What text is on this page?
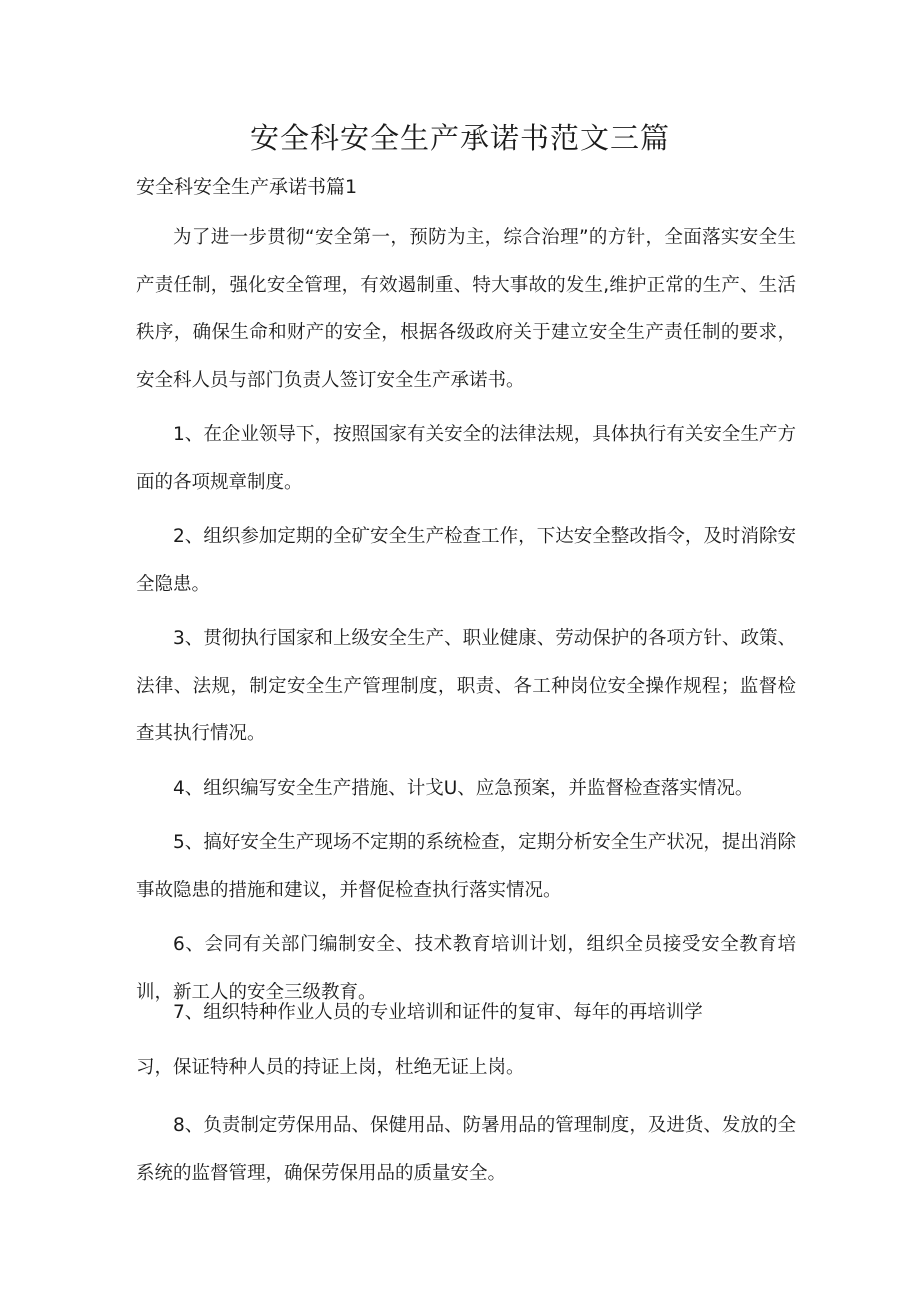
安全科安全生产承诺书范文三篇
安全科安全生产承诺书篇1

为了进一步贯彻“安全第一，预防为主，综合治理”的方针，全面落实安全生产责任制，强化安全管理，有效遏制重、特大事故的发生,维护正常的生产、生活秩序，确保生命和财产的安全，根据各级政府关于建立安全生产责任制的要求，安全科人员与部门负责人签订安全生产承诺书。

1、在企业领导下，按照国家有关安全的法律法规，具体执行有关安全生产方面的各项规章制度。

2、组织参加定期的全矿安全生产检查工作，下达安全整改指令，及时消除安全隐患。

3、贯彻执行国家和上级安全生产、职业健康、劳动保护的各项方针、政策、法律、法规，制定安全生产管理制度，职责、各工种岗位安全操作规程；监督检查其执行情况。

4、组织编写安全生产措施、计戈U、应急预案，并监督检查落实情况。

5、搞好安全生产现场不定期的系统检查，定期分析安全生产状况，提出消除事故隐患的措施和建议，并督促检查执行落实情况。

6、会同有关部门编制安全、技术教育培训计划，组织全员接受安全教育培训，新工人的安全三级教育。

7、组织特种作业人员的专业培训和证件的复审、每年的再培训学
习，保证特种人员的持证上岗，杜绝无证上岗。

8、负责制定劳保用品、保健用品、防暑用品的管理制度，及进货、发放的全系统的监督管理，确保劳保用品的质量安全。
